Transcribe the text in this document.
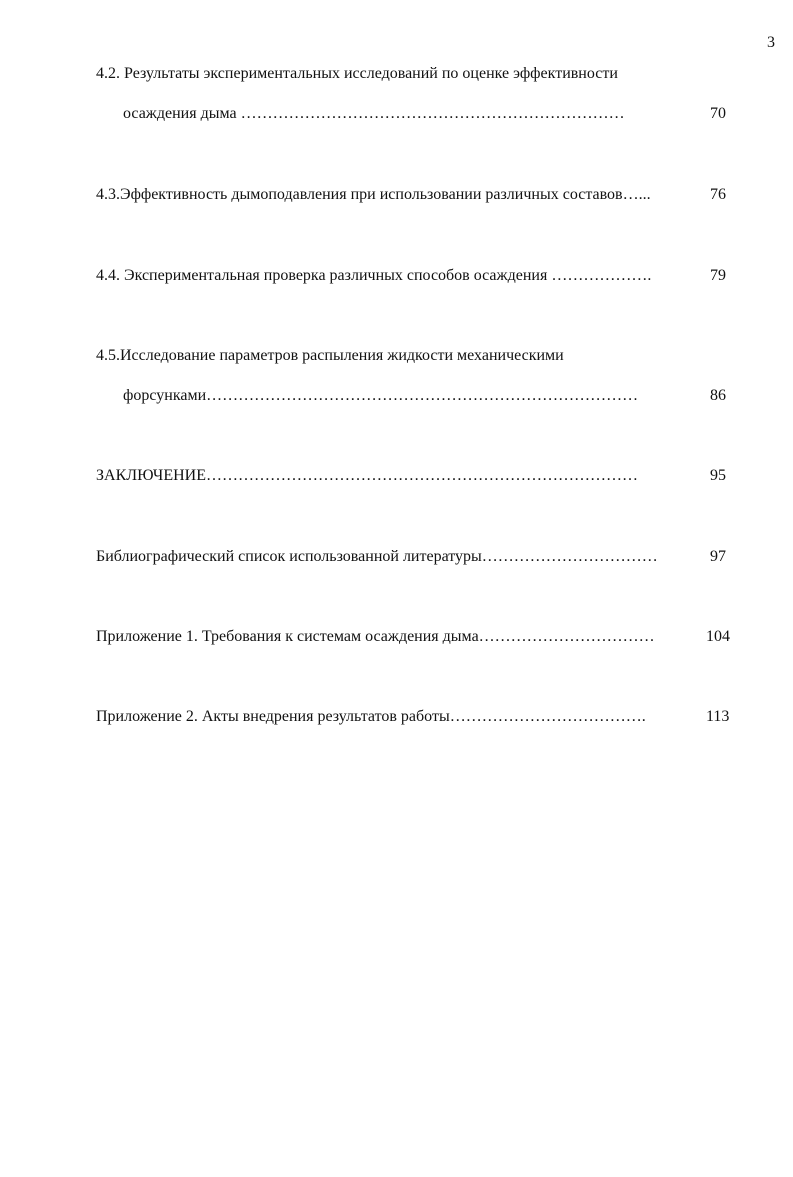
3
4.2. Результаты экспериментальных исследований по оценке эффективности
осаждения дыма ………………………………………………………………	70
4.3.Эффективность дымоподавления при использовании различных составов…...	76
4.4. Экспериментальная проверка различных способов осаждения ……………….	79
4.5.Исследование параметров распыления жидкости механическими
форсунками………………………………………………………………………	86
ЗАКЛЮЧЕНИЕ………………………………………………………………………	95
Библиографический список использованной литературы……………………………	97
Приложение 1. Требования к системам осаждения дыма……………………………	104
Приложение 2. Акты внедрения результатов работы……………………………….	113
